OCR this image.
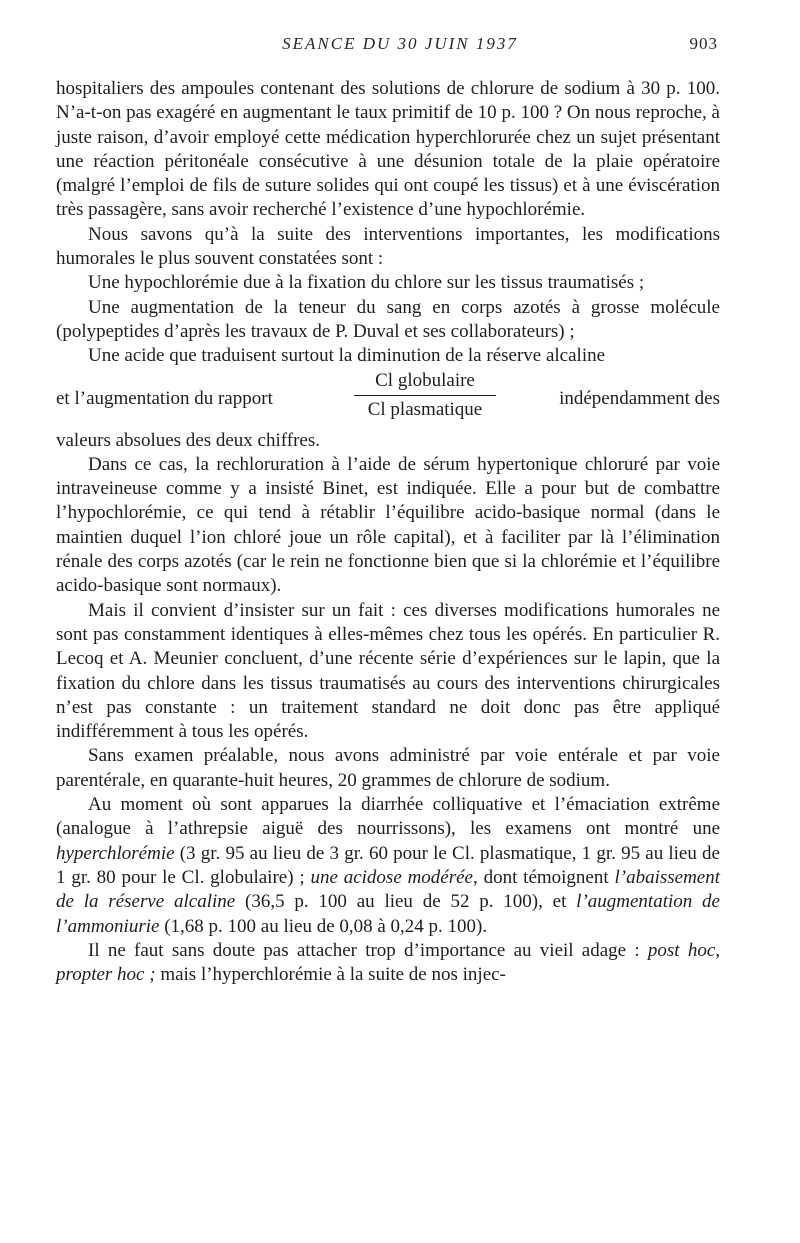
SEANCE DU 30 JUIN 1937	903

hospitaliers des ampoules contenant des solutions de chlorure de sodium à 30 p. 100. N’a-t-on pas exagéré en augmentant le taux primitif de 10 p. 100 ? On nous reproche, à juste raison, d’avoir employé cette médication hyperchlorurée chez un sujet présentant une réaction péritonéale consécutive à une désunion totale de la plaie opératoire (malgré l’emploi de fils de suture solides qui ont coupé les tissus) et à une éviscération très passagère, sans avoir recherché l’existence d’une hypochlorémie.

Nous savons qu’à la suite des interventions importantes, les modifications humorales le plus souvent constatées sont :

Une hypochlorémie due à la fixation du chlore sur les tissus traumatisés ;

Une augmentation de la teneur du sang en corps azotés à grosse molécule (polypeptides d’après les travaux de P. Duval et ses collaborateurs) ;

Une acide que traduisent surtout la diminution de la réserve alcaline

et l’augmentation du rapport
Cl globulaire
Cl plasmatique
indépendamment des

valeurs absolues des deux chiffres.

Dans ce cas, la rechloruration à l’aide de sérum hypertonique chloruré par voie intraveineuse comme y a insisté Binet, est indiquée. Elle a pour but de combattre l’hypochlorémie, ce qui tend à rétablir l’équilibre acido-basique normal (dans le maintien duquel l’ion chloré joue un rôle capital), et à faciliter par là l’élimination rénale des corps azotés (car le rein ne fonctionne bien que si la chlorémie et l’équilibre acido-basique sont normaux).

Mais il convient d’insister sur un fait : ces diverses modifications humorales ne sont pas constamment identiques à elles-mêmes chez tous les opérés. En particulier R. Lecoq et A. Meunier concluent, d’une récente série d’expériences sur le lapin, que la fixation du chlore dans les tissus traumatisés au cours des interventions chirurgicales n’est pas constante : un traitement standard ne doit donc pas être appliqué indifféremment à tous les opérés.

Sans examen préalable, nous avons administré par voie entérale et par voie parentérale, en quarante-huit heures, 20 grammes de chlorure de sodium.

Au moment où sont apparues la diarrhée colliquative et l’émaciation extrême (analogue à l’athrepsie aiguë des nourrissons), les examens ont montré une hyperchlorémie (3 gr. 95 au lieu de 3 gr. 60 pour le Cl. plasmatique, 1 gr. 95 au lieu de 1 gr. 80 pour le Cl. globulaire) ; une acidose modérée, dont témoignent l’abaissement de la réserve alcaline (36,5 p. 100 au lieu de 52 p. 100), et l’augmentation de l’ammoniurie (1,68 p. 100 au lieu de 0,08 à 0,24 p. 100).

Il ne faut sans doute pas attacher trop d’importance au vieil adage : post hoc, propter hoc ; mais l’hyperchlorémie à la suite de nos injec-
